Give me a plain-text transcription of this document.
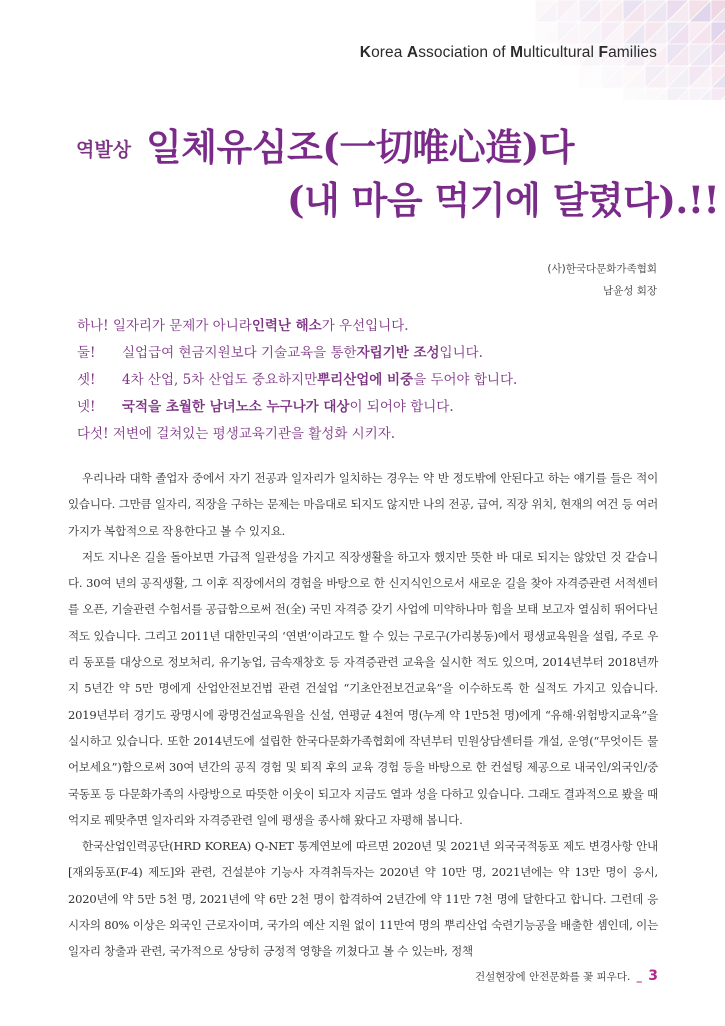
Korea Association of Multicultural Families
역발상 일체유심조(一切唯心造)다
(내 마음 먹기에 달렸다).!!
(사)한국다문화가족협회
남윤성 회장
하나!
일자리가 문제가 아니라 인력난 해소 가 우선입니다.
둘!	실업급여 현금지원보다 기술교육을 통한 자립기반 조성 입니다.
셋!	4차 산업, 5차 산업도 중요하지만 뿌리산업에 비중 을 두어야 합니다.
넷!	국적을 초월한 남녀노소 누구나가 대상 이 되어야 합니다.
다섯!
저변에 걸쳐있는 평생교육기관을 활성화 시키자.

우리나라 대학 졸업자 중에서 자기 전공과 일자리가 일치하는 경우는 약 반 정도밖에 안된다고 하는 얘기를 들은 적이 있습니다. 그만큼 일자리, 직장을 구하는 문제는 마음대로 되지도 않지만 나의 전공, 급여, 직장 위치, 현재의 여건 등 여러 가지가 복합적으로 작용한다고 볼 수 있지요.

저도 지나온 길을 돌아보면 가급적 일관성을 가지고 직장생활을 하고자 했지만 뜻한 바 대로 되지는 않았던 것 같습니다. 30여 년의 공직생활, 그 이후 직장에서의 경험을 바탕으로 한 신지식인으로서 새로운 길을 찾아 자격증관련 서적센터를 오픈, 기술관련 수험서를 공급함으로써 전(全) 국민 자격증 갖기 사업에 미약하나마 힘을 보태 보고자 열심히 뛰어다닌 적도 있습니다. 그리고 2011년 대한민국의 ‘연변’이라고도 할 수 있는 구로구(가리봉동)에서 평생교육원을 설립, 주로 우리 동포를 대상으로 정보처리, 유기농업, 금속재창호 등 자격증관련 교육을 실시한 적도 있으며, 2014년부터 2018년까지 5년간 약 5만 명에게 산업안전보건법 관련 건설업 “기초안전보건교육”을 이수하도록 한 실적도 가지고 있습니다. 2019년부터 경기도 광명시에 광명건설교육원을 신설, 연평균 4천여 명(누계 약 1만5천 명)에게 “유해·위험방지교육”을 실시하고 있습니다. 또한 2014년도에 설립한 한국다문화가족협회에 작년부터 민원상담센터를 개설, 운영(“무엇이든 물어보세요”)함으로써 30여 년간의 공직 경험 및 퇴직 후의 교육 경험 등을 바탕으로 한 컨설팅 제공으로 내국인/외국인/중국동포 등 다문화가족의 사랑방으로 따뜻한 이웃이 되고자 지금도 열과 성을 다하고 있습니다. 그래도 결과적으로 봤을 때 억지로 꿰맞추면 일자리와 자격증관련 일에 평생을 종사해 왔다고 자평해 봅니다.

한국산업인력공단(HRD KOREA) Q-NET 통계연보에 따르면 2020년 및 2021년 외국국적동포 제도 변경사항 안내[재외동포(F-4) 제도]와 관련, 건설분야 기능사 자격취득자는 2020년 약 10만 명, 2021년에는 약 13만 명이 응시, 2020년에 약 5만 5천 명, 2021년에 약 6만 2천 명이 합격하여 2년간에 약 11만 7천 명에 달한다고 합니다. 그런데 응시자의 80% 이상은 외국인 근로자이며, 국가의 예산 지원 없이 11만여 명의 뿌리산업 숙련기능공을 배출한 셈인데, 이는 일자리 창출과 관련, 국가적으로 상당히 긍정적 영향을 끼쳤다고 볼 수 있는바, 정책

건설현장에 안전문화를 꽃 피우다. _ 3
